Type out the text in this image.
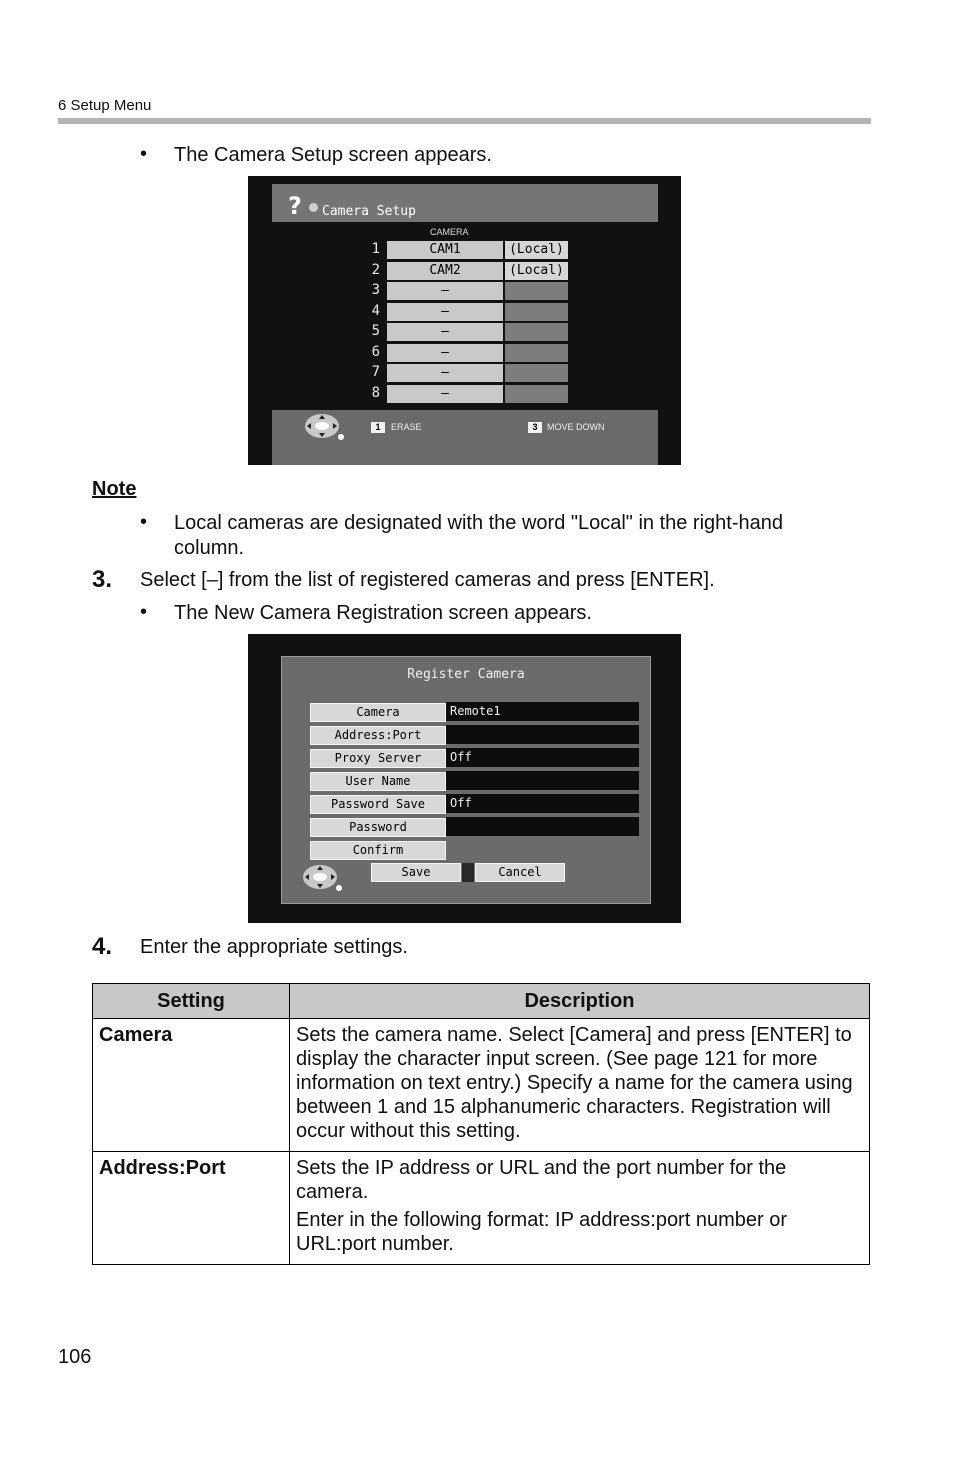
6 Setup Menu
• The Camera Setup screen appears.
? Camera Setup
CAMERA
1	CAM1	(Local)
2	CAM2	(Local)
3	—
4	—
5	—
6	—
7	—
8	—
1	ERASE	3	MOVE DOWN
Note
• Local cameras are designated with the word "Local" in the right-hand
column.
3. Select [–] from the list of registered cameras and press [ENTER].
• The New Camera Registration screen appears.
Register Camera
Camera	Remote1
Address:Port
Proxy Server	Off
User Name
Password Save	Off
Password
Confirm
Save	Cancel
4. Enter the appropriate settings.
Setting	Description
Camera	Sets the camera name. Select [Camera] and press [ENTER] to display the character input screen. (See page 121 for more information on text entry.) Specify a name for the camera using between 1 and 15 alphanumeric characters. Registration will occur without this setting.

Address:Port	Sets the IP address or URL and the port number for the camera.

Enter in the following format: IP address:port number or URL:port number.

106
